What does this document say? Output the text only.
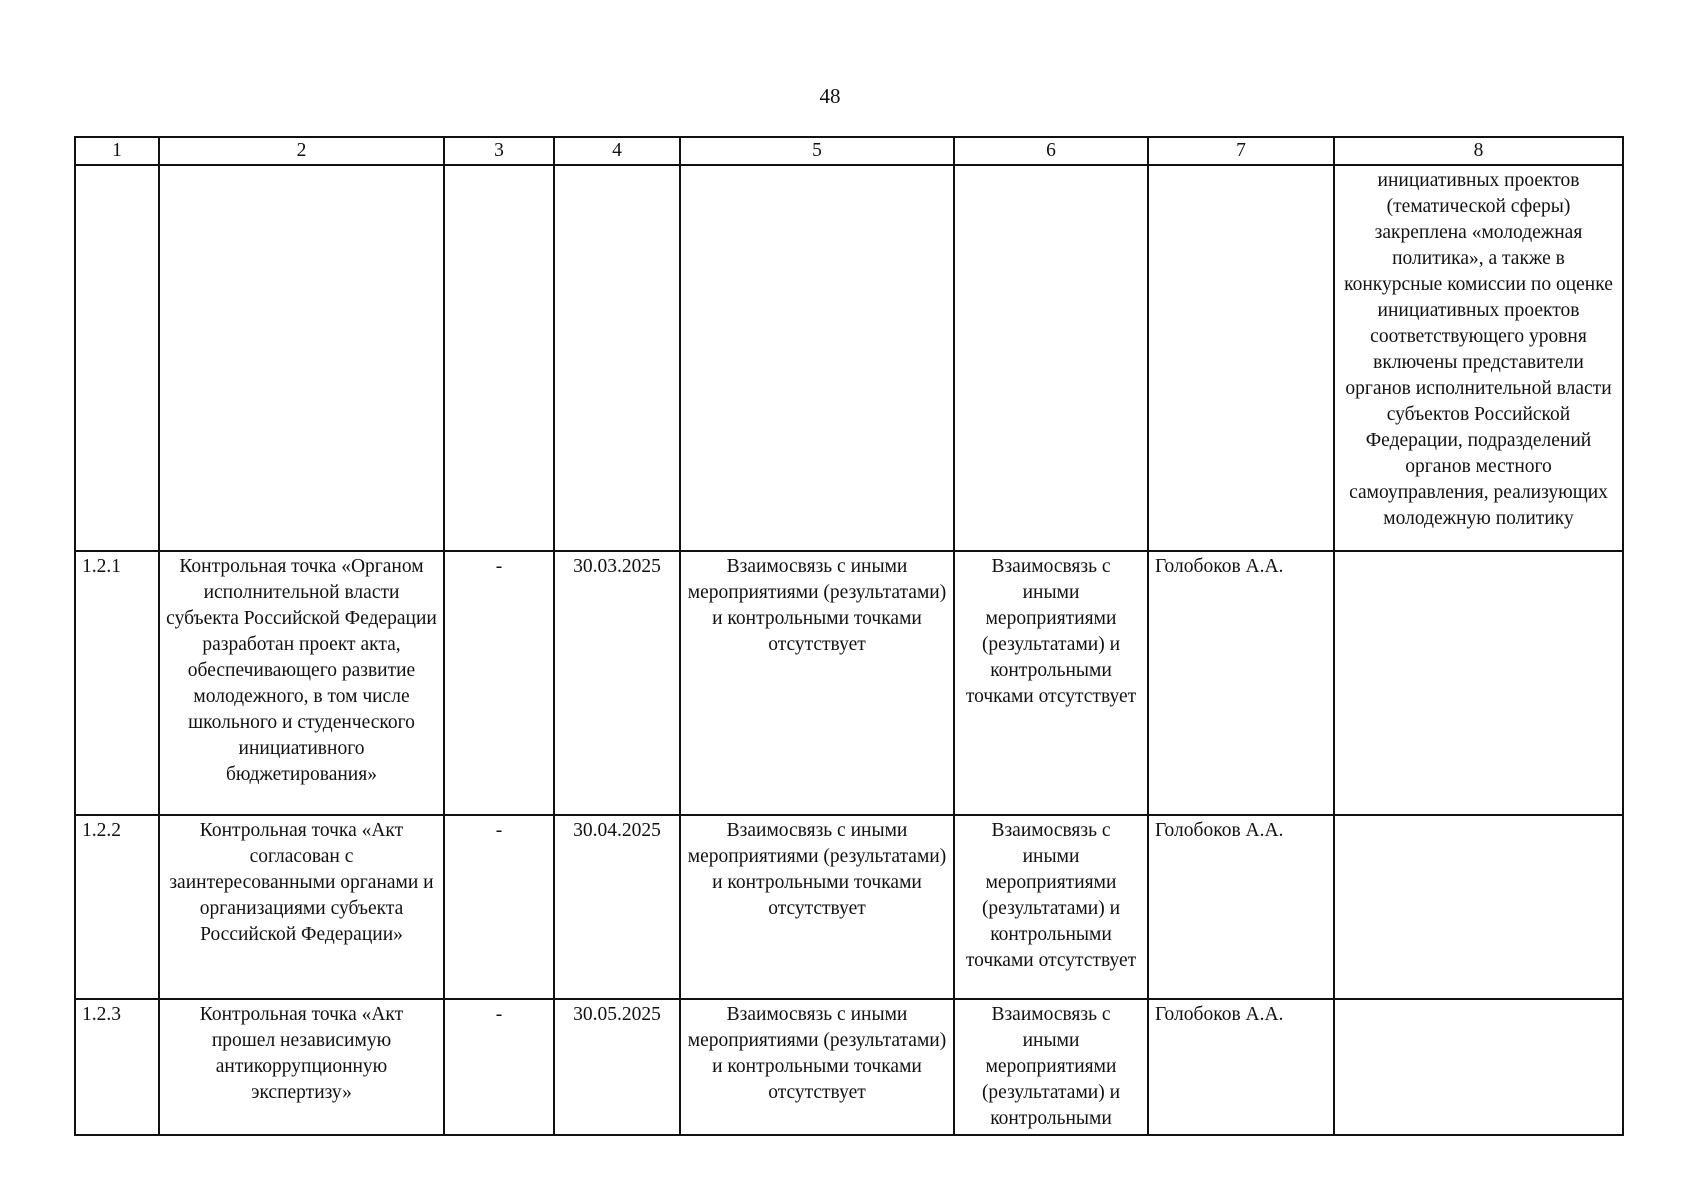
48
1	2	3	4	5	6	7	8
							инициативных проектов (тематической сферы) закреплена «молодежная политика», а также в конкурсные комиссии по оценке инициативных проектов соответствующего уровня включены представители органов исполнительной власти субъектов Российской Федерации, подразделений органов местного самоуправления, реализующих молодежную политику
1.2.1	Контрольная точка «Органом исполнительной власти субъекта Российской Федерации разработан проект акта, обеспечивающего развитие молодежного, в том числе школьного и студенческого инициативного бюджетирования»	-	30.03.2025	Взаимосвязь с иными мероприятиями (результатами) и контрольными точками отсутствует	Взаимосвязь с иными мероприятиями (результатами) и контрольными точками отсутствует	Голобоков А.А.	
1.2.2	Контрольная точка «Акт согласован с заинтересованными органами и организациями субъекта Российской Федерации»	-	30.04.2025	Взаимосвязь с иными мероприятиями (результатами) и контрольными точками отсутствует	Взаимосвязь с иными мероприятиями (результатами) и контрольными точками отсутствует	Голобоков А.А.	
1.2.3	Контрольная точка «Акт прошел независимую антикоррупционную экспертизу»	-	30.05.2025	Взаимосвязь с иными мероприятиями (результатами) и контрольными точками отсутствует	Взаимосвязь с иными мероприятиями (результатами) и контрольными	Голобоков А.А.	
